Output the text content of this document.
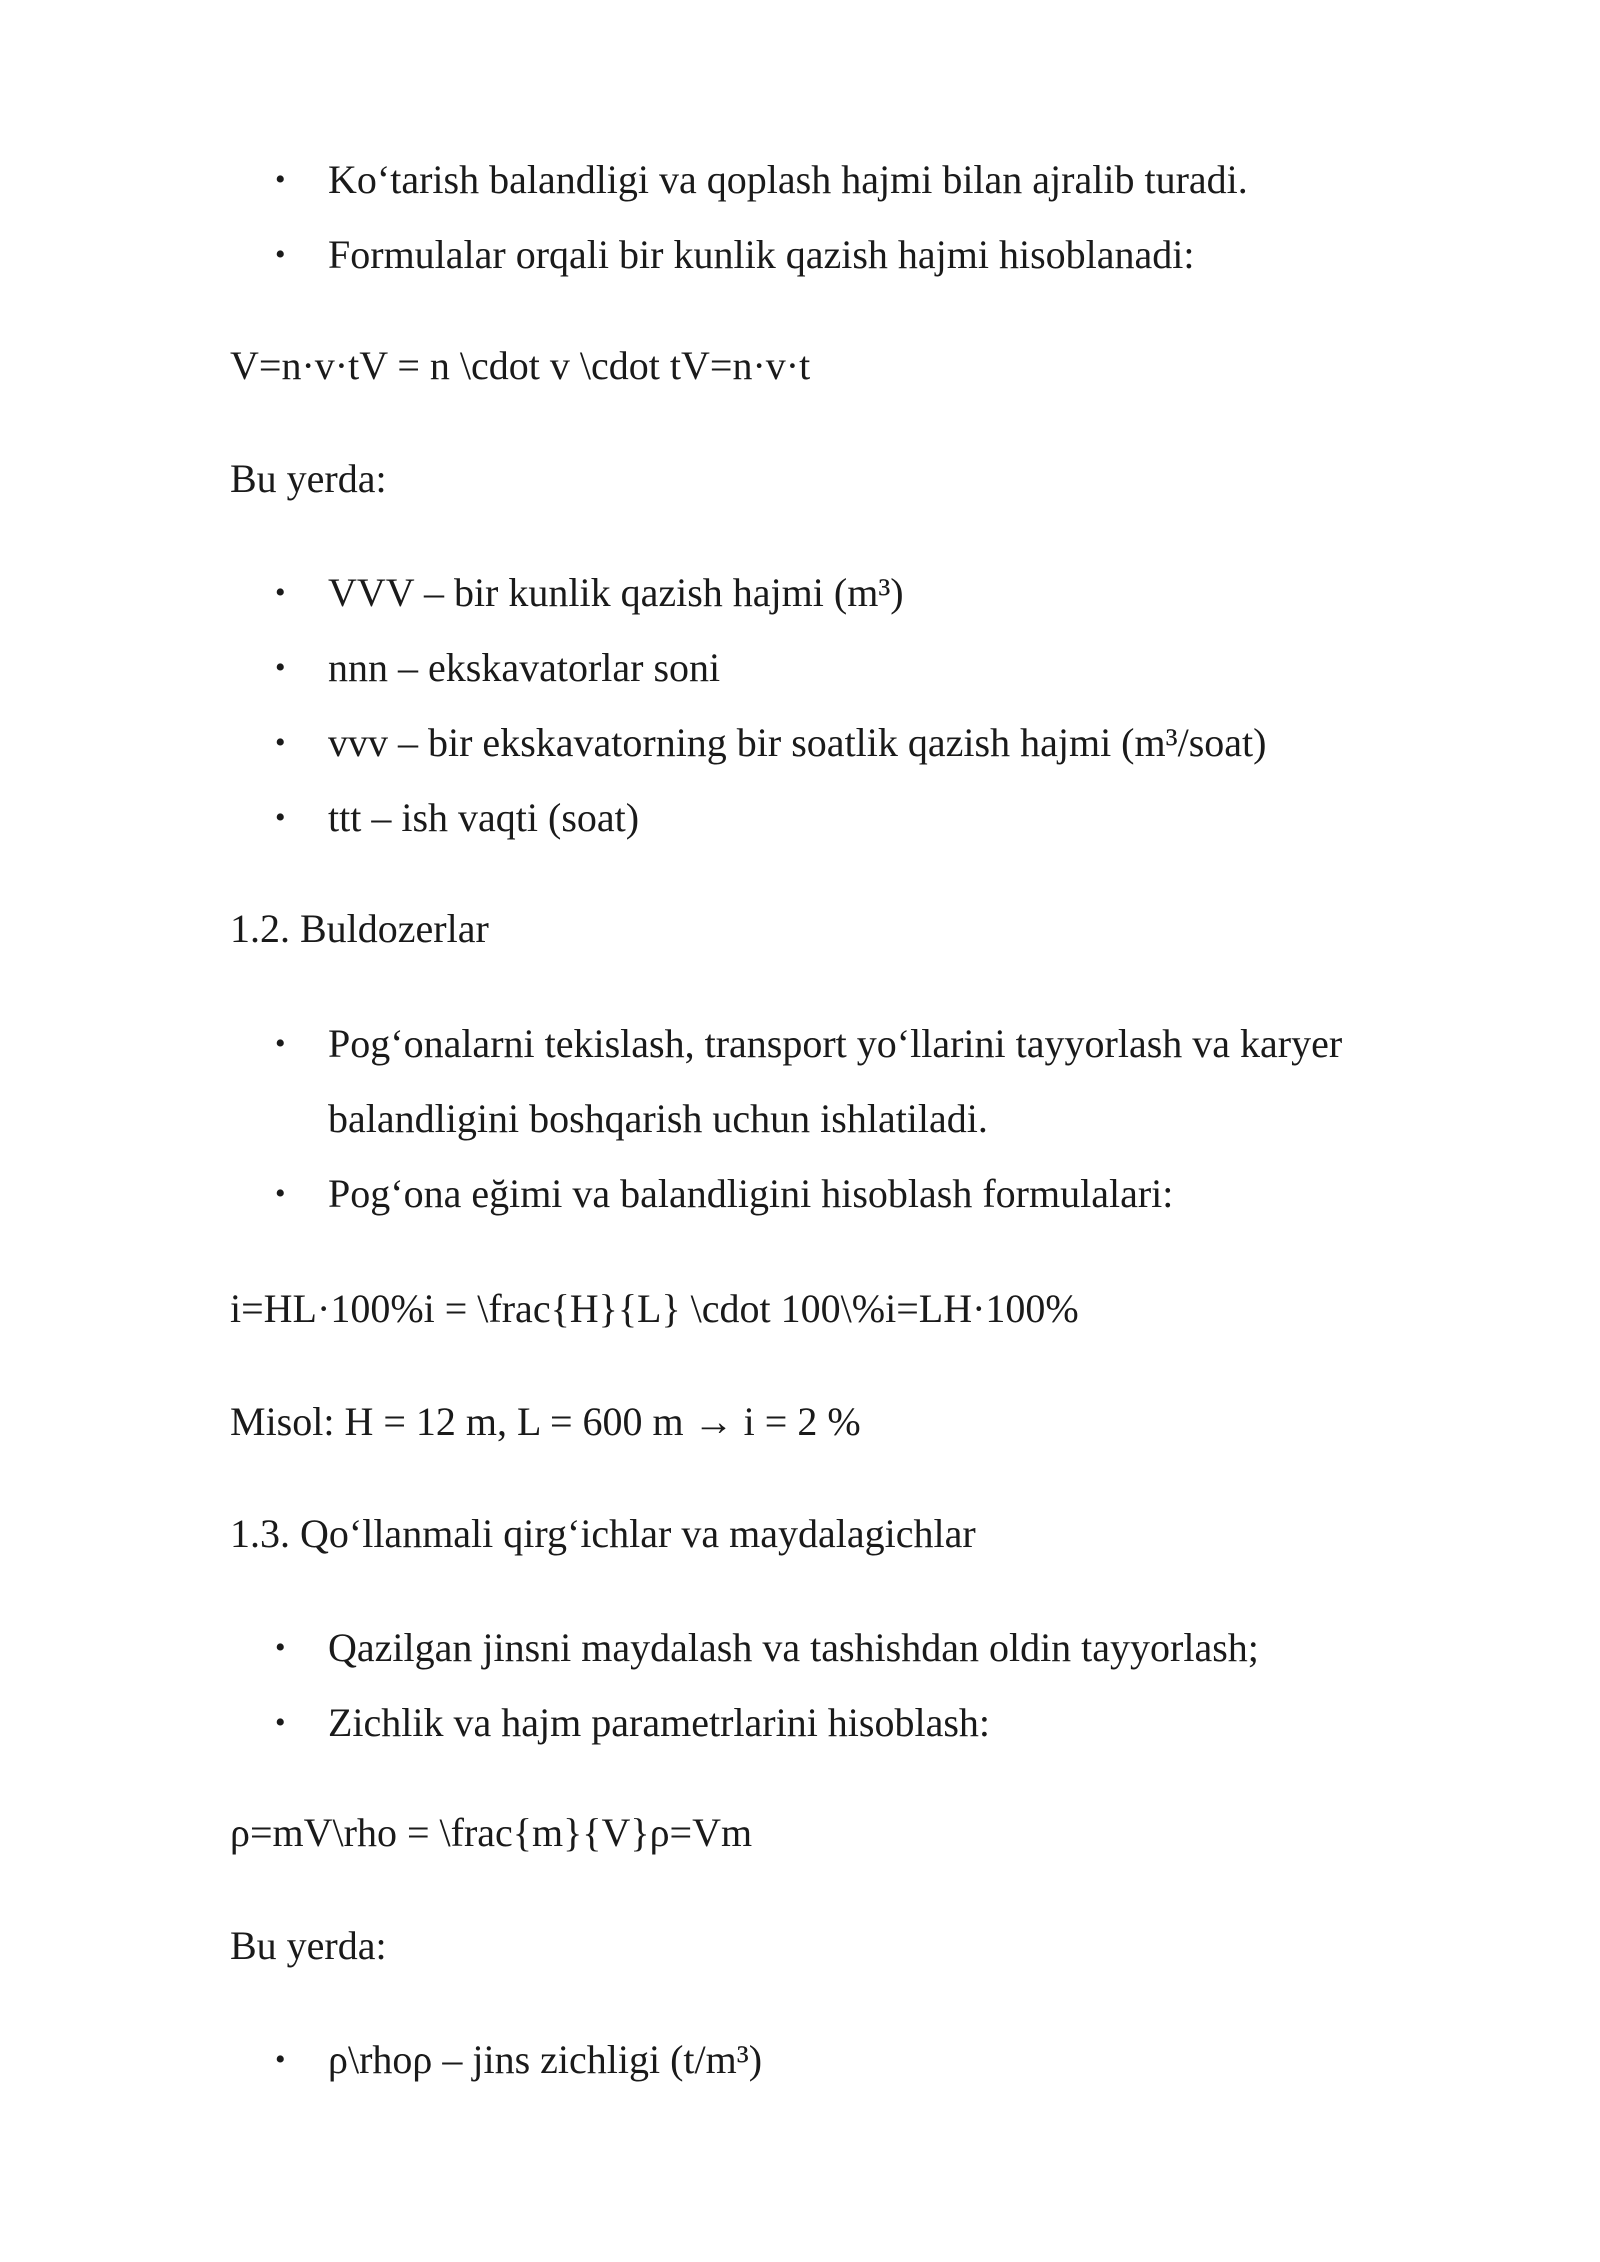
• Ko‘tarish balandligi va qoplash hajmi bilan ajralib turadi.
• Formulalar orqali bir kunlik qazish hajmi hisoblanadi:
V=n·v·tV = n \cdot v \cdot tV=n·v·t
Bu yerda:
• VVV – bir kunlik qazish hajmi (m³)
• nnn – ekskavatorlar soni
• vvv – bir ekskavatorning bir soatlik qazish hajmi (m³/soat)
• ttt – ish vaqti (soat)
1.2. Buldozerlar
• Pog‘onalarni tekislash, transport yo‘llarini tayyorlash va karyer balandligini boshqarish uchun ishlatiladi.
• Pog‘ona eğimi va balandligini hisoblash formulalari:
i=HL·100%i = \frac{H}{L} \cdot 100\%i=LH·100%
Misol: H = 12 m, L = 600 m → i = 2 %
1.3. Qo‘llanmali qirg‘ichlar va maydalagichlar
• Qazilgan jinsni maydalash va tashishdan oldin tayyorlash;
• Zichlik va hajm parametrlarini hisoblash:
ρ=mV\rho = \frac{m}{V}ρ=Vm
Bu yerda:
• ρ\rhoρ – jins zichligi (t/m³)
